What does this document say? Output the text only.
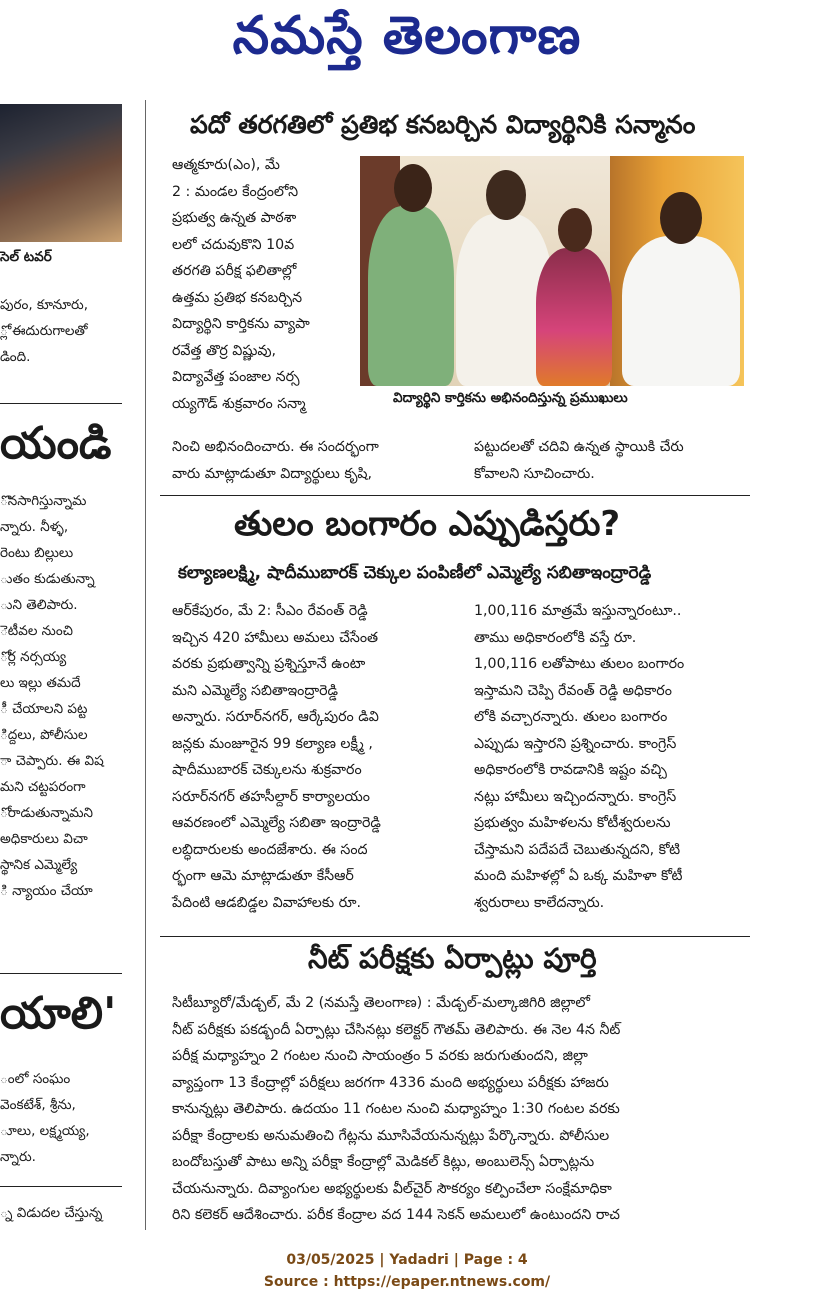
నమస్తే తెలంగాణ
సెల్ టవర్

పురం, కూనూరు,

్లో ఈదురుగాలతో

డింది.

యండి

ొనసాగిస్తున్నామ

న్నారు. నీళ్ళ,

రెంటు బిల్లులు

ుతం కుడుతున్నా

ుని తెలిపారు.

ెటీవల నుంచి

ోర్ల నర్సయ్య

లు ఇల్లు తమదే

ీ చేయాలని పట్ట

ిద్దలు, పోలీసుల

ా చెప్పారు. ఈ విష

మని చట్టపరంగా

ోరాడుతున్నామని

అధికారులు విచా

స్థానిక ఎమ్మెల్యే

ి న్యాయం చేయా

యాలి'

ంలో సంఘం

వెంకటేశ్, శ్రీను,

ూలు, లక్ష్మయ్య,

న్నారు.

్న విడుదల చేస్తున్న
పదో తరగతిలో ప్రతిభ కనబర్చిన విద్యార్థినికి సన్మానం

ఆత్మకూరు(ఎం), మే

2 : మండల కేంద్రంలోని

ప్రభుత్వ ఉన్నత పాఠశా

లలో చదువుకొని 10వ

తరగతి పరీక్ష ఫలితాల్లో

ఉత్తమ ప్రతిభ కనబర్చిన

విద్యార్థిని కార్తికను వ్యాపా

రవేత్త తొర్ర విష్ణువు,

విద్యావేత్త పంజాల నర్స

య్యగౌడ్ శుక్రవారం సన్మా

నించి అభినందించారు. ఈ సందర్భంగా

వారు మాట్లాడుతూ విద్యార్థులు కృషి,

పట్టుదలతో చదివి ఉన్నత స్థాయికి చేరు

కోవాలని సూచించారు.

విద్యార్థిని కార్తికను అభినందిస్తున్న ప్రముఖులు
తులం బంగారం ఎప్పుడిస్తరు?
కల్యాణలక్ష్మి, షాదీముబారక్ చెక్కుల పంపిణీలో ఎమ్మెల్యే సబితాఇంద్రారెడ్డి

ఆర్‌కేపురం, మే 2: సీఎం రేవంత్ రెడ్డి

ఇచ్చిన 420 హామీలు అమలు చేసేంత

వరకు ప్రభుత్వాన్ని ప్రశ్నిస్తూనే ఉంటా

మని ఎమ్మెల్యే సబితాఇంద్రారెడ్డి

అన్నారు. సరూర్‌నగర్, ఆర్కేపురం డివి

జన్లకు మంజూరైన 99 కల్యాణ లక్ష్మీ ,

షాదీముబారక్ చెక్కులను శుక్రవారం

సరూర్‌నగర్ తహసీల్దార్ కార్యాలయం

ఆవరణంలో ఎమ్మెల్యే సబితా ఇంద్రారెడ్డి

లబ్ధిదారులకు అందజేశారు. ఈ సంద

ర్భంగా ఆమె మాట్లాడుతూ కేసీఆర్

పేదింటి ఆడబిడ్డల వివాహాలకు రూ.

1,00,116 మాత్రమే ఇస్తున్నారంటూ..

తాము అధికారంలోకి వస్తే రూ.

1,00,116 లతోపాటు తులం బంగారం

ఇస్తామని చెప్పి రేవంత్ రెడ్డి అధికారం

లోకి వచ్చారన్నారు. తులం బంగారం

ఎప్పుడు ఇస్తారని ప్రశ్నించారు. కాంగ్రెస్

అధికారంలోకి రావడానికి ఇష్టం వచ్చి

నట్లు హామీలు ఇచ్చిందన్నారు. కాంగ్రెస్

ప్రభుత్వం మహిళలను కోటీశ్వరులను

చేస్తామని పదేపదే చెబుతున్నదని, కోటి

మంది మహిళల్లో ఏ ఒక్క మహిళా కోటీ

శ్వరురాలు కాలేదన్నారు.

నీట్ పరీక్షకు ఏర్పాట్లు పూర్తి

సిటీబ్యూరో/మేడ్చల్, మే 2 (నమస్తే తెలంగాణ) : మేడ్చల్-మల్కాజిగిరి జిల్లాలో

నీట్ పరీక్షకు పకడ్బందీ ఏర్పాట్లు చేసినట్లు కలెక్టర్ గౌతమ్ తెలిపారు. ఈ నెల 4న నీట్

పరీక్ష మధ్యాహ్నం 2 గంటల నుంచి సాయంత్రం 5 వరకు జరుగుతుందని, జిల్లా

వ్యాప్తంగా 13 కేంద్రాల్లో పరీక్షలు జరగగా 4336 మంది అభ్యర్థులు పరీక్షకు హాజరు

కానున్నట్లు తెలిపారు. ఉదయం 11 గంటల నుంచి మధ్యాహ్నం 1:30 గంటల వరకు

పరీక్షా కేంద్రాలకు అనుమతించి గేట్లను మూసివేయనున్నట్లు పేర్కొన్నారు. పోలీసుల

బందోబస్తుతో పాటు అన్ని పరీక్షా కేంద్రాల్లో మెడికల్ కిట్లు, అంబులెన్స్ ఏర్పాట్లను

చేయనున్నారు. దివ్యాంగుల అభ్యర్థులకు వీల్‌చైర్ సౌకర్యం కల్పించేలా సంక్షేమాధికా

రిని కలెకర్ ఆదేశించారు. పరీక కేంద్రాల వద 144 సెకన్ అమలులో ఉంటుందని రాచ

03/05/2025 | Yadadri | Page : 4
Source : https://epaper.ntnews.com/
